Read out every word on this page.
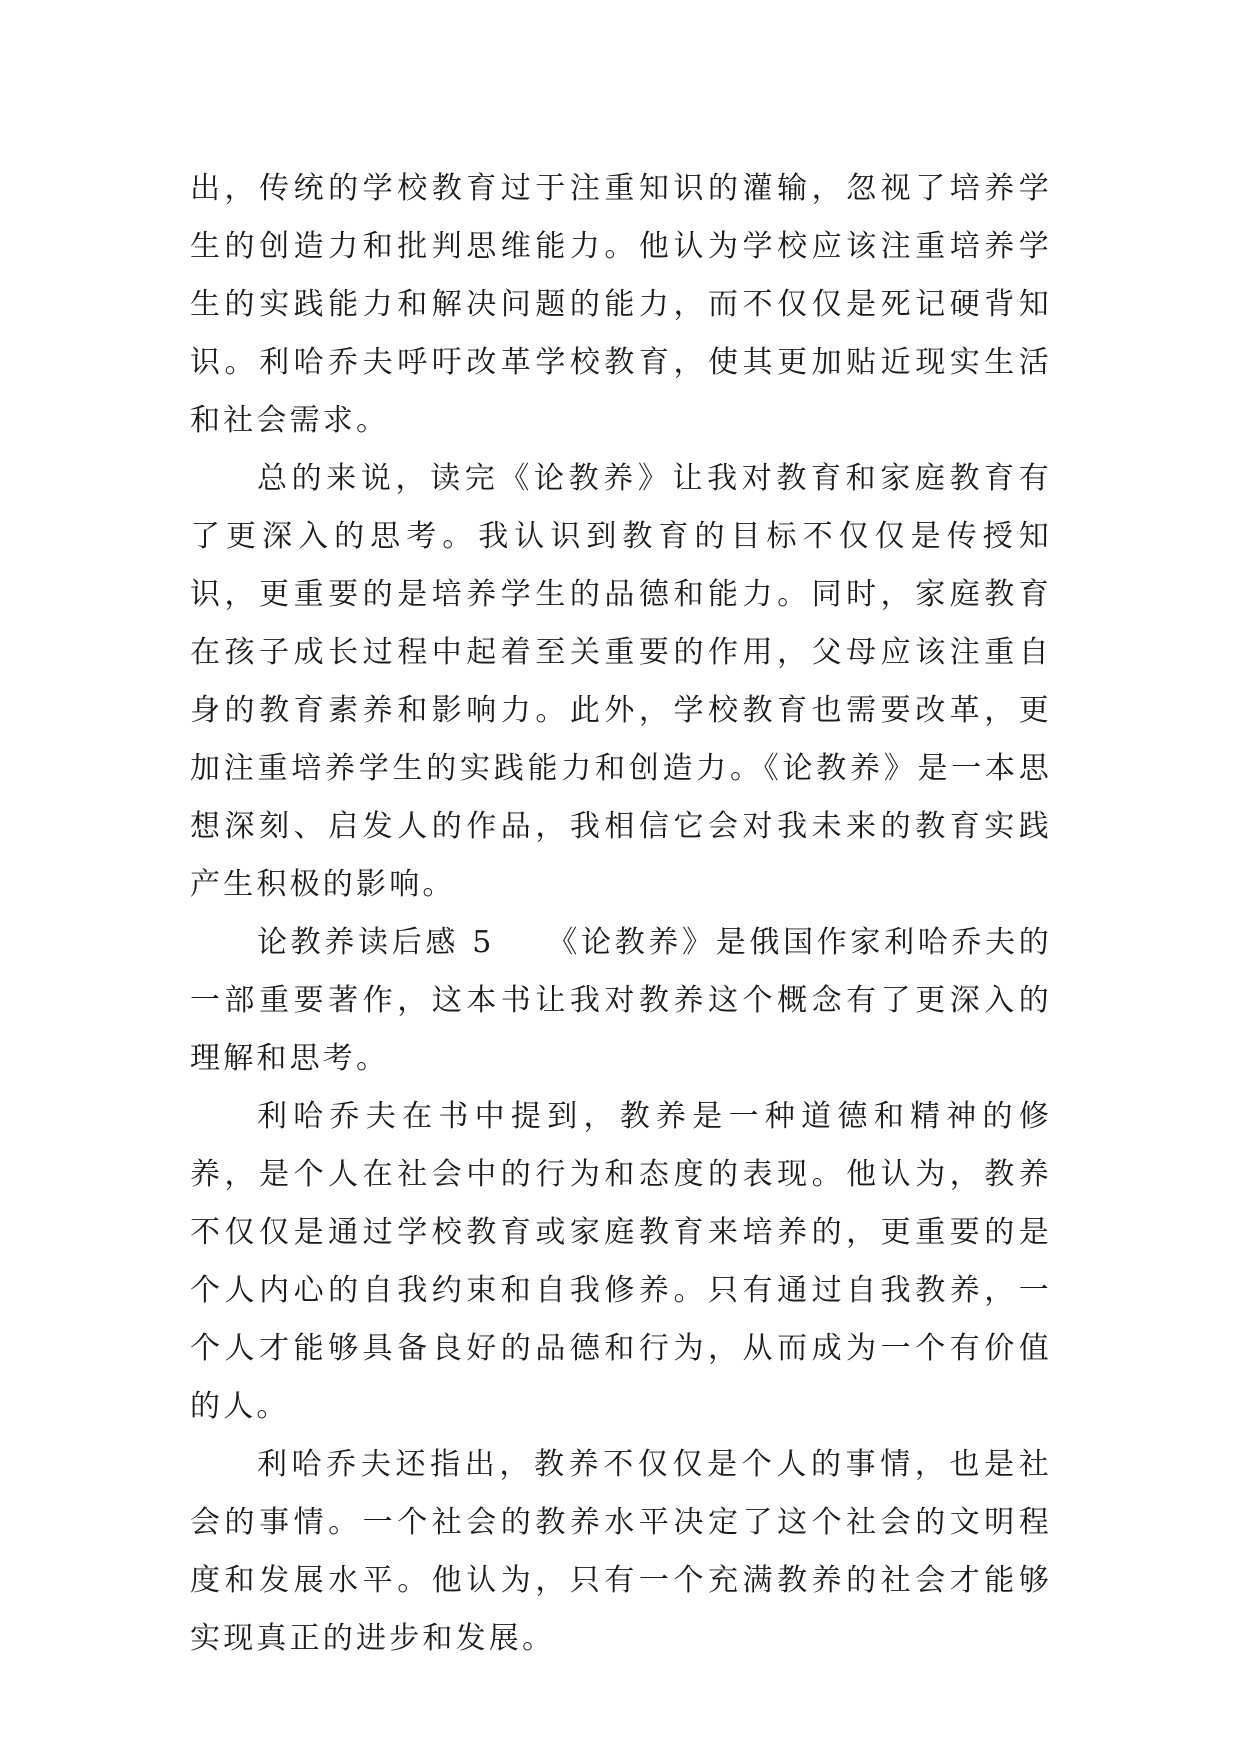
出，传统的学校教育过于注重知识的灌输，忽视了培养学生的创造力和批判思维能力。他认为学校应该注重培养学生的实践能力和解决问题的能力，而不仅仅是死记硬背知识。利哈乔夫呼吁改革学校教育，使其更加贴近现实生活和社会需求。

总的来说，读完《论教养》让我对教育和家庭教育有了更深入的思考。我认识到教育的目标不仅仅是传授知识，更重要的是培养学生的品德和能力。同时，家庭教育在孩子成长过程中起着至关重要的作用，父母应该注重自身的教育素养和影响力。此外，学校教育也需要改革，更加注重培养学生的实践能力和创造力。《论教养》是一本思想深刻、启发人的作品，我相信它会对我未来的教育实践产生积极的影响。

论教养读后感 5　　《论教养》是俄国作家利哈乔夫的一部重要著作，这本书让我对教养这个概念有了更深入的理解和思考。

利哈乔夫在书中提到，教养是一种道德和精神的修养，是个人在社会中的行为和态度的表现。他认为，教养不仅仅是通过学校教育或家庭教育来培养的，更重要的是个人内心的自我约束和自我修养。只有通过自我教养，一个人才能够具备良好的品德和行为，从而成为一个有价值的人。

利哈乔夫还指出，教养不仅仅是个人的事情，也是社会的事情。一个社会的教养水平决定了这个社会的文明程度和发展水平。他认为，只有一个充满教养的社会才能够实现真正的进步和发展。
